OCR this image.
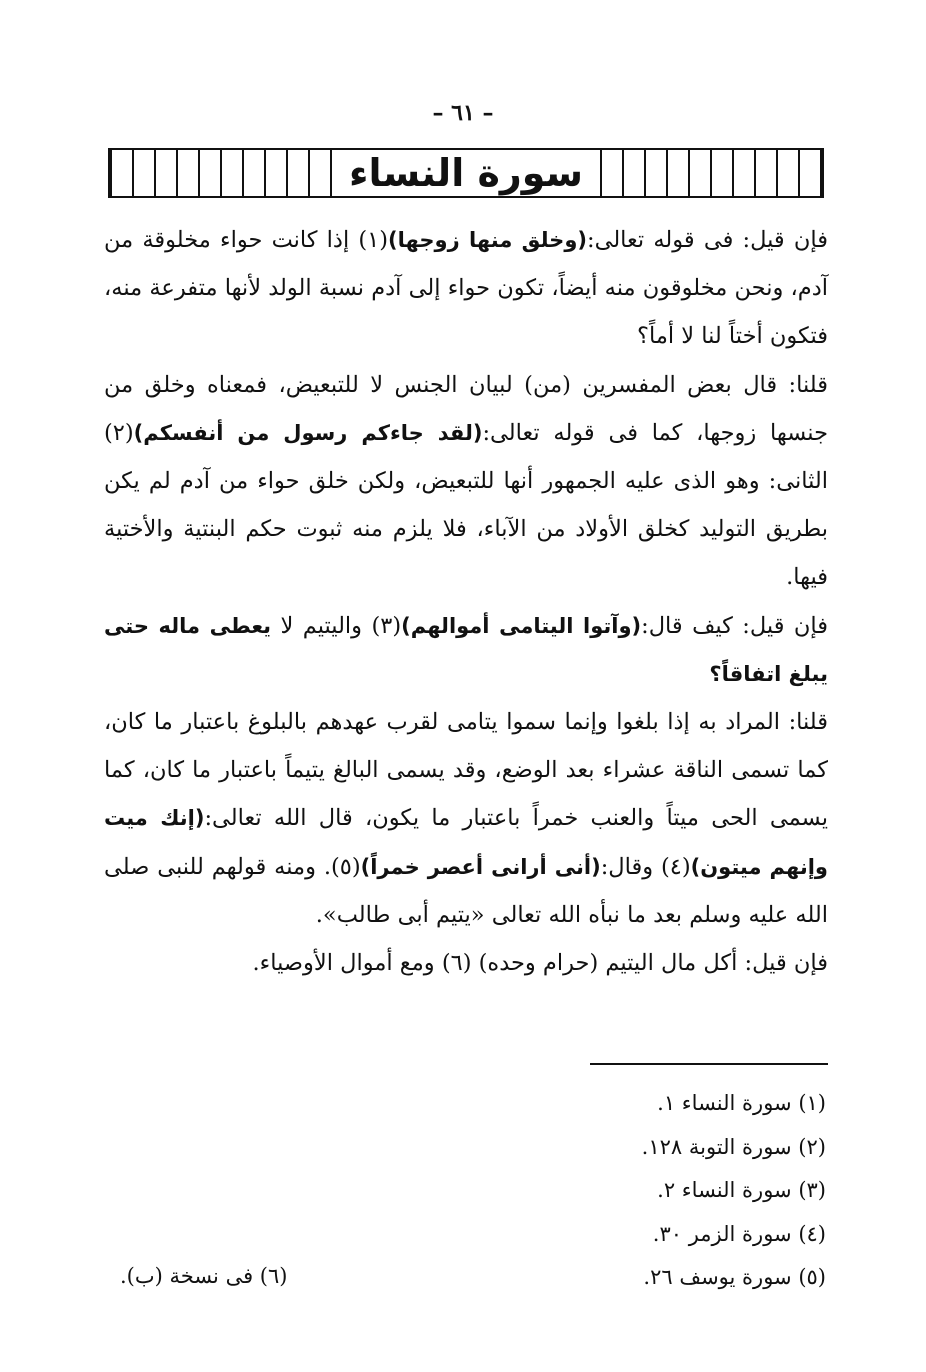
– ٦١ –
سورة النساء

فإن قيل: فى قوله تعالى:(وخلق منها زوجها)(١) إذا كانت حواء مخلوقة من آدم، ونحن مخلوقون منه أيضاً، تكون حواء إلى آدم نسبة الولد لأنها متفرعة منه، فتكون أختاً لنا لا أماً؟

قلنا: قال بعض المفسرين (من) لبيان الجنس لا للتبعيض، فمعناه وخلق من جنسها زوجها، كما فى قوله تعالى:(لقد جاءكم رسول من أنفسكم)(٢) الثانى: وهو الذى عليه الجمهور أنها للتبعيض، ولكن خلق حواء من آدم لم يكن بطريق التوليد كخلق الأولاد من الآباء، فلا يلزم منه ثبوت حكم البنتية والأختية فيها.

فإن قيل: كيف قال:(وآتوا اليتامى أموالهم)(٣) واليتيم لا يعطى ماله حتى يبلغ اتفاقاً؟

قلنا: المراد به إذا بلغوا وإنما سموا يتامى لقرب عهدهم بالبلوغ باعتبار ما كان، كما تسمى الناقة عشراء بعد الوضع، وقد يسمى البالغ يتيماً باعتبار ما كان، كما يسمى الحى ميتاً والعنب خمراً باعتبار ما يكون، قال الله تعالى:(إنك ميت وإنهم ميتون)(٤) وقال:(أنى أرانى أعصر خمراً)(٥). ومنه قولهم للنبى صلى الله عليه وسلم بعد ما نبأه الله تعالى «يتيم أبى طالب».

فإن قيل: أكل مال اليتيم (حرام وحده) (٦) ومع أموال الأوصياء.

(١) سورة النساء ١.
(٢) سورة التوبة ١٢٨.
(٣) سورة النساء ٢.
(٤) سورة الزمر ٣٠.
(٥) سورة يوسف ٢٦.
(٦) فى نسخة (ب).
